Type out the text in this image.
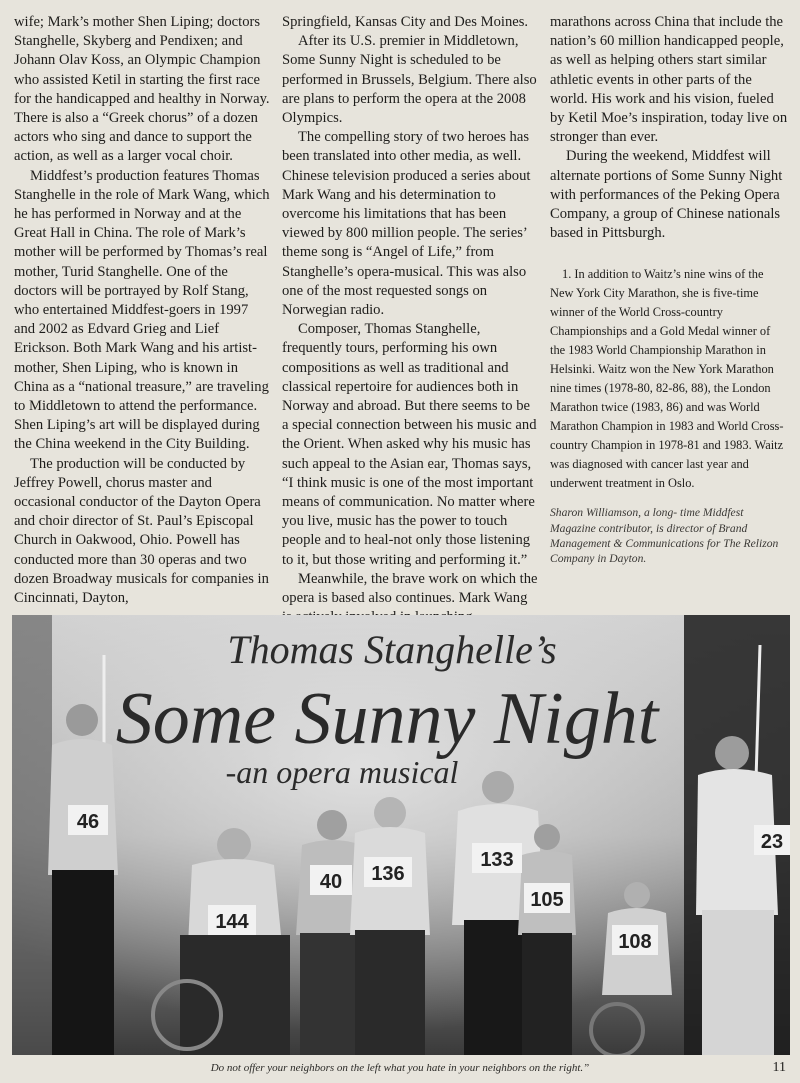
wife; Mark’s mother Shen Liping; doctors Stanghelle, Skyberg and Pendixen; and Johann Olav Koss, an Olympic Champion who assisted Ketil in starting the first race for the handicapped and healthy in Norway. There is also a “Greek chorus” of a dozen actors who sing and dance to support the action, as well as a larger vocal choir.

Middfest’s production features Thomas Stanghelle in the role of Mark Wang, which he has performed in Norway and at the Great Hall in China. The role of Mark’s mother will be performed by Thomas’s real mother, Turid Stanghelle. One of the doctors will be portrayed by Rolf Stang, who entertained Middfest-goers in 1997 and 2002 as Edvard Grieg and Lief Erickson. Both Mark Wang and his artist-mother, Shen Liping, who is known in China as a “national treasure,” are traveling to Middletown to attend the performance. Shen Liping’s art will be displayed during the China weekend in the City Building.

The production will be conducted by Jeffrey Powell, chorus master and occasional conductor of the Dayton Opera and choir director of St. Paul’s Episcopal Church in Oakwood, Ohio. Powell has conducted more than 30 operas and two dozen Broadway musicals for companies in Cincinnati, Dayton,

Springfield, Kansas City and Des Moines.

After its U.S. premier in Middletown, Some Sunny Night is scheduled to be performed in Brussels, Belgium. There also are plans to perform the opera at the 2008 Olympics.

The compelling story of two heroes has been translated into other media, as well. Chinese television produced a series about Mark Wang and his determination to overcome his limitations that has been viewed by 800 million people. The series’ theme song is “Angel of Life,” from Stanghelle’s opera-musical. This was also one of the most requested songs on Norwegian radio.

Composer, Thomas Stanghelle, frequently tours, performing his own compositions as well as traditional and classical repertoire for audiences both in Norway and abroad. But there seems to be a special connection between his music and the Orient. When asked why his music has such appeal to the Asian ear, Thomas says, “I think music is one of the most important means of communication. No matter where you live, music has the power to touch people and to heal-not only those listening to it, but those writing and performing it.”

Meanwhile, the brave work on which the opera is based also continues. Mark Wang

marathons across China that include the nation’s 60 million handicapped people, as well as helping others start similar athletic events in other parts of the world. His work and his vision, fueled by Ketil Moe’s inspiration, today live on stronger than ever.

During the weekend, Middfest will alternate portions of Some Sunny Night with performances of the Peking Opera Company, a group of Chinese nationals based in Pittsburgh.

1. In addition to Waitz’s nine wins of the New York City Marathon, she is five-time winner of the World Cross-country Championships and a Gold Medal winner of the 1983 World Championship Marathon in Helsinki. Waitz won the New York Marathon nine times (1978-80, 82-86, 88), the London Marathon twice (1983, 86) and was World Marathon Champion in 1983 and World Cross-country Champion in 1978-81 and 1983. Waitz was diagnosed with cancer last year and underwent treatment in Oslo.

Sharon Williamson, a long- time Middfest Magazine contributor, is director of Brand Management & Communications for The Relizon Company in Dayton.

Thomas Stanghelle’s
Some Sunny Night
-an opera musical
46
144
40 136
133
105
108
23
Do not offer your neighbors on the left what you hate in your neighbors on the right.”	11
